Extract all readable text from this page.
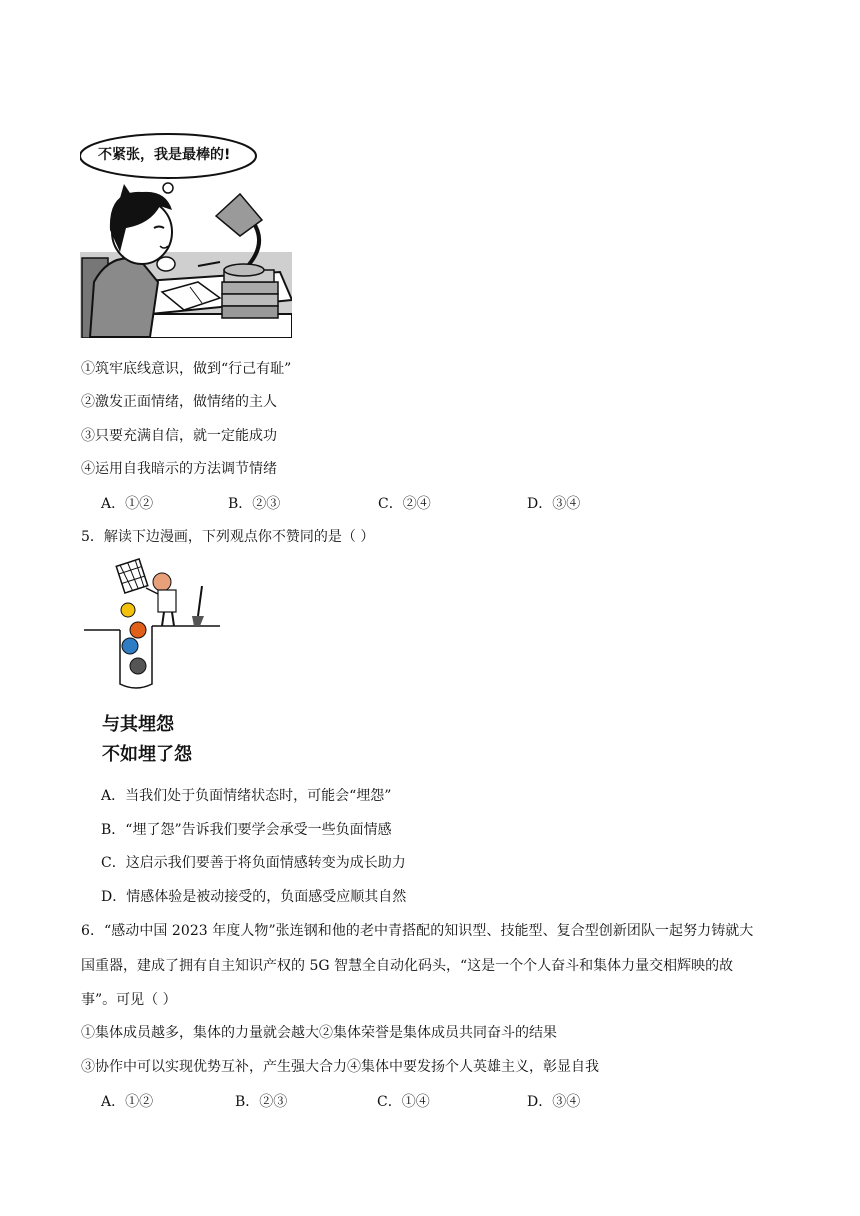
不紧张，我是最棒的!
①筑牢底线意识，做到“行己有耻”
②激发正面情绪，做情绪的主人
③只要充满自信，就一定能成功
④运用自我暗示的方法调节情绪
A．①②	B．②③	C．②④	D．③④
5．解读下边漫画，下列观点你不赞同的是（ ）
与其埋怨
不如埋了怨
A．当我们处于负面情绪状态时，可能会“埋怨”
B．“埋了怨”告诉我们要学会承受一些负面情感
C．这启示我们要善于将负面情感转变为成长助力
D．情感体验是被动接受的，负面感受应顺其自然
6．“感动中国 2023 年度人物”张连钢和他的老中青搭配的知识型、技能型、复合型创新团队一起努力铸就大
国重器，建成了拥有自主知识产权的 5G 智慧全自动化码头，“这是一个个人奋斗和集体力量交相辉映的故
事”。可见（ ）
①集体成员越多，集体的力量就会越大②集体荣誉是集体成员共同奋斗的结果
③协作中可以实现优势互补，产生强大合力④集体中要发扬个人英雄主义，彰显自我
A．①②	B．②③	C．①④	D．③④
